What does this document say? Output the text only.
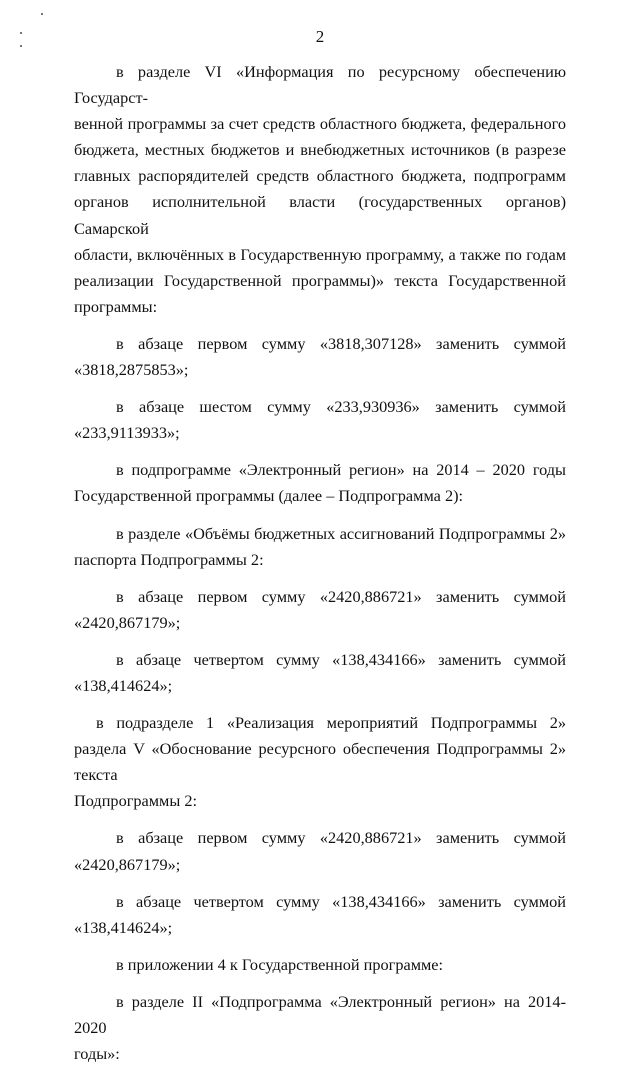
2

в разделе VI «Информация по ресурсному обеспечению Государст-
венной программы за счет средств областного бюджета, федерального
бюджета, местных бюджетов и внебюджетных источников (в разрезе
главных распорядителей средств областного бюджета, подпрограмм
органов исполнительной власти (государственных органов) Самарской
области, включённых в Государственную программу, а также по годам
реализации Государственной программы)» текста Государственной
программы:

в абзаце первом сумму «3818,307128» заменить суммой
«3818,2875853»;

в абзаце шестом сумму «233,930936» заменить суммой
«233,9113933»;

в подпрограмме «Электронный регион» на 2014 – 2020 годы
Государственной программы (далее – Подпрограмма 2):

в разделе «Объёмы бюджетных ассигнований Подпрограммы 2»
паспорта Подпрограммы 2:

в абзаце первом сумму «2420,886721» заменить суммой
«2420,867179»;

в абзаце четвертом сумму «138,434166» заменить суммой
«138,414624»;

в подразделе 1 «Реализация мероприятий Подпрограммы 2»
раздела V «Обоснование ресурсного обеспечения Подпрограммы 2» текста
Подпрограммы 2:

в абзаце первом сумму «2420,886721» заменить суммой
«2420,867179»;

в абзаце четвертом сумму «138,434166» заменить суммой
«138,414624»;

в приложении 4 к Государственной программе:

в разделе II «Подпрограмма «Электронный регион» на 2014-2020
годы»:
